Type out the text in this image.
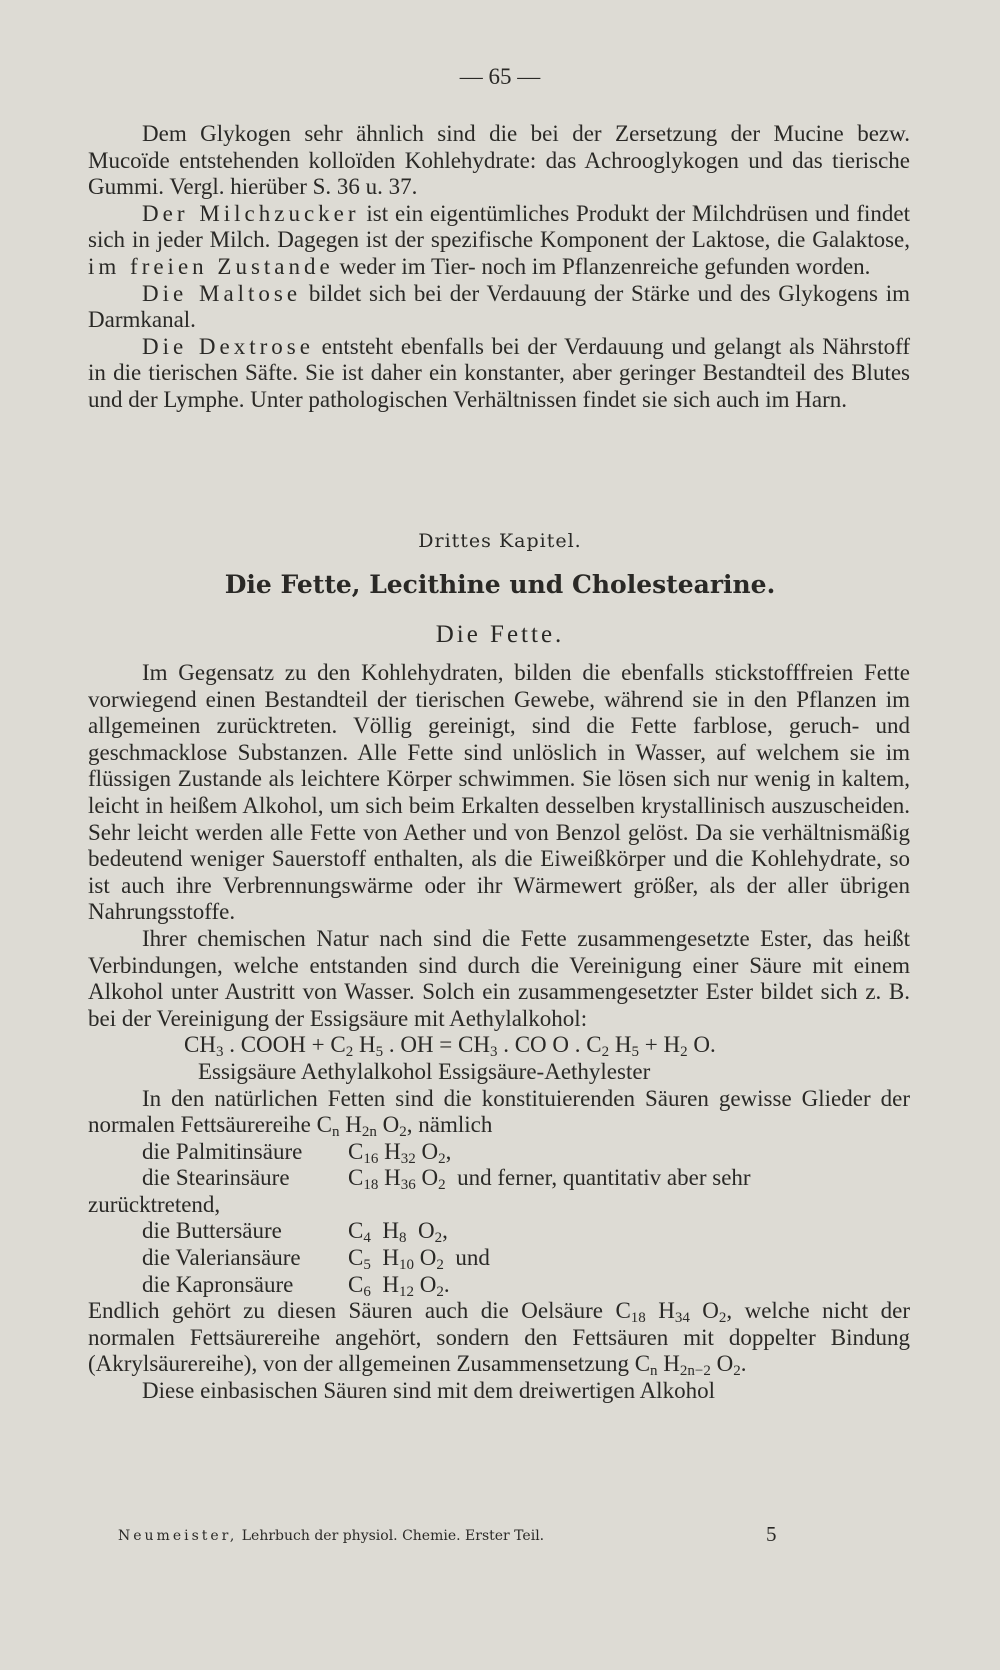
— 65 —

Dem Glykogen sehr ähnlich sind die bei der Zersetzung der Mucine bezw. Mucoïde entstehenden kolloïden Kohlehydrate: das Achrooglykogen und das tierische Gummi. Vergl. hierüber S. 36 u. 37.

Der Milchzucker ist ein eigentümliches Produkt der Milchdrüsen und findet sich in jeder Milch. Dagegen ist der spezifische Komponent der Laktose, die Galaktose, im freien Zustande weder im Tier- noch im Pflanzenreiche gefunden worden.

Die Maltose bildet sich bei der Verdauung der Stärke und des Glykogens im Darmkanal.

Die Dextrose entsteht ebenfalls bei der Verdauung und gelangt als Nährstoff in die tierischen Säfte. Sie ist daher ein konstanter, aber geringer Bestandteil des Blutes und der Lymphe. Unter pathologischen Verhältnissen findet sie sich auch im Harn.

Drittes Kapitel.
Die Fette, Lecithine und Cholestearine.
Die Fette.

Im Gegensatz zu den Kohlehydraten, bilden die ebenfalls stickstofffreien Fette vorwiegend einen Bestandteil der tierischen Gewebe, während sie in den Pflanzen im allgemeinen zurücktreten. Völlig gereinigt, sind die Fette farblose, geruch- und geschmacklose Substanzen. Alle Fette sind unlöslich in Wasser, auf welchem sie im flüssigen Zustande als leichtere Körper schwimmen. Sie lösen sich nur wenig in kaltem, leicht in heißem Alkohol, um sich beim Erkalten desselben krystallinisch auszuscheiden. Sehr leicht werden alle Fette von Aether und von Benzol gelöst. Da sie verhältnismäßig bedeutend weniger Sauerstoff enthalten, als die Eiweißkörper und die Kohlehydrate, so ist auch ihre Verbrennungswärme oder ihr Wärmewert größer, als der aller übrigen Nahrungsstoffe.

Ihrer chemischen Natur nach sind die Fette zusammengesetzte Ester, das heißt Verbindungen, welche entstanden sind durch die Vereinigung einer Säure mit einem Alkohol unter Austritt von Wasser. Solch ein zusammengesetzter Ester bildet sich z. B. bei der Vereinigung der Essigsäure mit Aethylalkohol:

$CH_3$ . COOH + $C_2$ $H_5$ . OH = $CH_3$ . CO O . $C_2$ $H_5 + H_2$ O.

Essigsäure Aethylalkohol Essigsäure-Aethylester

In den natürlichen Fetten sind die konstituierenden Säuren gewisse Glieder der normalen Fettsäurereihe $C_n$ $H_{2n}$ $O_2$, nämlich

die Palmitinsäure $C_{16}$ $H_{32}$ $O_2$,

die Stearinsäure	$C_{18}$ $H_{36}$ $O_2$ und ferner, quantitativ aber sehr

zurücktretend,

die Buttersäure	$C_4$  $H_8$  $O_2$,

die Valeriansäure $C_5$  $H_{10}$ $O_2$ und

die Kapronsäure $C_6$  $H_{12}$ $O_2$.

Endlich gehört zu diesen Säuren auch die Oelsäure $C_{18}$ $H_{34}$ $O_2$, welche nicht der normalen Fettsäurereihe angehört, sondern den Fettsäuren mit doppelter Bindung (Akrylsäurereihe), von der allgemeinen Zusammensetzung $C_n$ $H_{2n-2}$ $O_2$.

Diese einbasischen Säuren sind mit dem dreiwertigen Alkohol

Neumeister, Lehrbuch der physiol. Chemie. Erster Teil.	5
